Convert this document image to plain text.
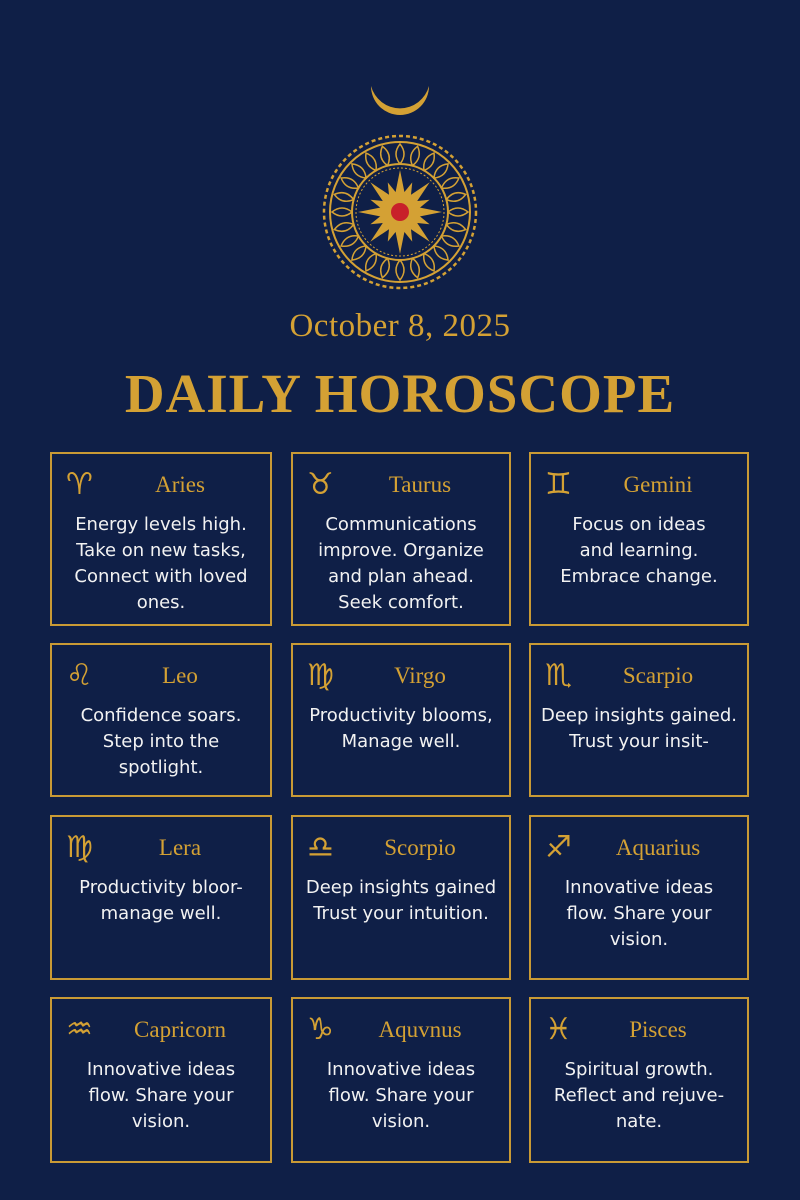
October 8, 2025
DAILY HOROSCOPE
♈	Aries
Energy levels high.
Take on new tasks,
Connect with loved
ones.
♉	Taurus
Communications
improve. Organize
and plan ahead.
Seek comfort.
♊	Gemini
Focus on ideas
and learning.
Embrace change.
♌	Leo
Confidence soars.
Step into the
spotlight.
♍	Virgo
Productivity blooms,
Manage well.
♏	Scarpio
Deep insights gained.
Trust your insit-
♍	Lera
Productivity bloor-
manage well.
♎	Scorpio
Deep insights gained
Trust your intuition.
♐	Aquarius
Innovative ideas
flow. Share your
vision.
♒	Capricorn
Innovative ideas
flow. Share your
vision.
♑	Aquvnus
Innovative ideas
flow. Share your
vision.
♓	Pisces
Spiritual growth.
Reflect and rejuve-
nate.
